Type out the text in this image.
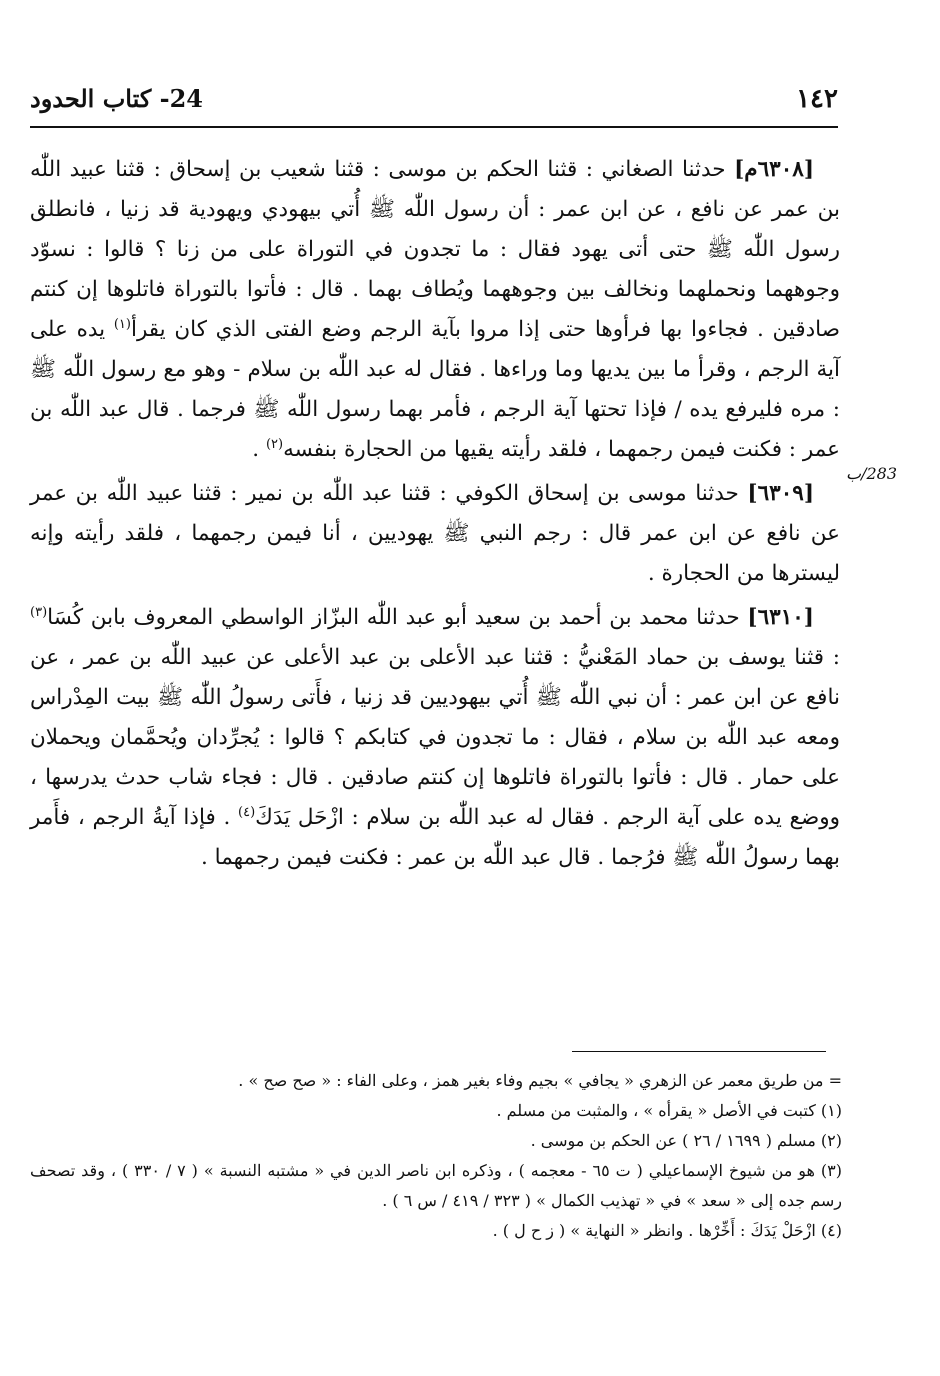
١٤٢
24- كتاب الحدود
283/ب

[٦٣٠٨م] حدثنا الصغاني : قثنا الحكم بن موسى : قثنا شعيب بن إسحاق : قثنا عبيد اللّٰه بن عمر عن نافع ، عن ابن عمر : أن رسول اللّٰه ﷺ أُتي بيهودي ويهودية قد زنيا ، فانطلق رسول اللّٰه ﷺ حتى أتى يهود فقال : ما تجدون في التوراة على من زنا ؟ قالوا : نسوّد وجوههما ونحملهما ونخالف بين وجوههما ويُطاف بهما . قال : فأتوا بالتوراة فاتلوها إن كنتم صادقين . فجاءوا بها فرأوها حتى إذا مروا بآية الرجم وضع الفتى الذي كان يقرأ$^{(١)}$ يده على آية الرجم ، وقرأ ما بين يديها وما وراءها . فقال له عبد اللّٰه بن سلام - وهو مع رسول اللّٰه ﷺ : مره فليرفع يده / فإذا تحتها آية الرجم ، فأمر بهما رسول اللّٰه ﷺ فرجما . قال عبد اللّٰه بن عمر : فكنت فيمن رجمهما ، فلقد رأيته يقيها من الحجارة بنفسه$^{(٢)}$ .

[٦٣٠٩] حدثنا موسى بن إسحاق الكوفي : قثنا عبد اللّٰه بن نمير : قثنا عبيد اللّٰه بن عمر عن نافع عن ابن عمر قال : رجم النبي ﷺ يهوديين ، أنا فيمن رجمهما ، فلقد رأيته وإنه ليسترها من الحجارة .

[٦٣١٠] حدثنا محمد بن أحمد بن سعيد أبو عبد اللّٰه البزّاز الواسطي المعروف بابن كُسَا$^{(٣)}$ : قثنا يوسف بن حماد المَعْنيُّ : قثنا عبد الأعلى بن عبد الأعلى عن عبيد اللّٰه بن عمر ، عن نافع عن ابن عمر : أن نبي اللّٰه ﷺ أُتي بيهوديين قد زنيا ، فأَتى رسولُ اللّٰه ﷺ بيت المِدْراس ومعه عبد اللّٰه بن سلام ، فقال : ما تجدون في كتابكم ؟ قالوا : يُجرِّدان ويُحمَّمان ويحملان على حمار . قال : فأتوا بالتوراة فاتلوها إن كنتم صادقين . قال : فجاء شاب حدث يدرسها ، ووضع يده على آية الرجم . فقال له عبد اللّٰه بن سلام : ازْحَل يَدَكَ$^{(٤)}$ . فإذا آيةُ الرجم ، فأَمر بهما رسولُ اللّٰه ﷺ فرُجما . قال عبد اللّٰه بن عمر : فكنت فيمن رجمهما .

= من طريق معمر عن الزهري « يجافي » بجيم وفاء بغير همز ، وعلى الفاء : « صح صح » .

(١) كتبت في الأصل « يقرأه » ، والمثبت من مسلم .

(٢) مسلم ( ١٦٩٩ / ٢٦ ) عن الحكم بن موسى .

(٣) هو من شيوخ الإسماعيلي ( ت ٦٥ - معجمه ) ، وذكره ابن ناصر الدين في « مشتبه النسبة » ( ٧ / ٣٣٠ ) ، وقد تصحف رسم جده إلى « سعد » في « تهذيب الكمال » ( ٣٢٣ / ٤١٩ / س ٦ ) .

(٤) ازْحَلْ يَدَكَ : أَخِّرْها . وانظر « النهاية » ( ز ح ل ) .
